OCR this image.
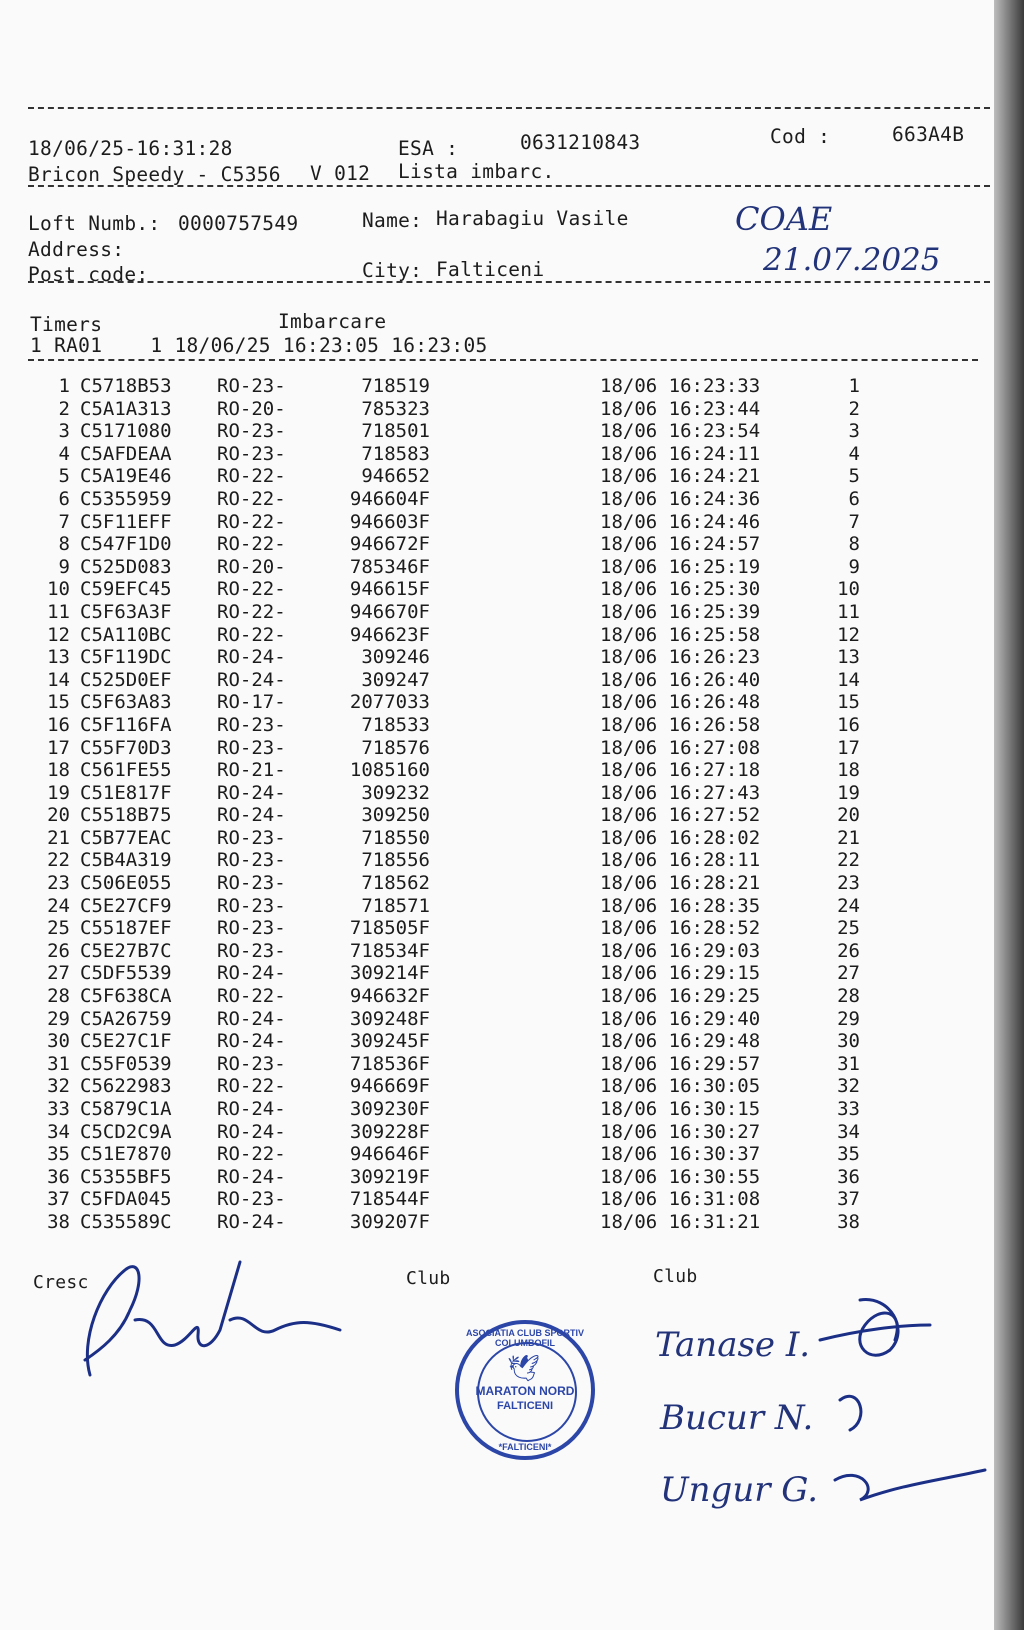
18/06/25-16:31:28	ESA :	0631210843	Cod :	663A4B
Bricon Speedy - C5356 V 012 Lista imbarc.
Loft Numb.: 0000757549	Name: Harabagiu Vasile
Address:
Post code:	City: Falticeni
COAE
21.07.2025
Timers	Imbarcare
1 RA01    1 18/06/25 16:23:05 16:23:05
1 C5718B53 RO-23-	718519	18/06 16:23:33	1
2 C5A1A313 RO-20-	785323	18/06 16:23:44	2
3 C5171080 RO-23-	718501	18/06 16:23:54	3
4 C5AFDEAA RO-23-	718583	18/06 16:24:11	4
5 C5A19E46 RO-22-	946652	18/06 16:24:21	5
6 C5355959 RO-22-	946604F	18/06 16:24:36	6
7 C5F11EFF RO-22-	946603F	18/06 16:24:46	7
8 C547F1D0 RO-22-	946672F	18/06 16:24:57	8
9 C525D083 RO-20-	785346F	18/06 16:25:19	9
10 C59EFC45 RO-22-	946615F	18/06 16:25:30	10
11 C5F63A3F RO-22-	946670F	18/06 16:25:39	11
12 C5A110BC RO-22-	946623F	18/06 16:25:58	12
13 C5F119DC RO-24-	309246	18/06 16:26:23	13
14 C525D0EF RO-24-	309247	18/06 16:26:40	14
15 C5F63A83 RO-17-	2077033	18/06 16:26:48	15
16 C5F116FA RO-23-	718533	18/06 16:26:58	16
17 C55F70D3 RO-23-	718576	18/06 16:27:08	17
18 C561FE55 RO-21-	1085160	18/06 16:27:18	18
19 C51E817F RO-24-	309232	18/06 16:27:43	19
20 C5518B75 RO-24-	309250	18/06 16:27:52	20
21 C5B77EAC RO-23-	718550	18/06 16:28:02	21
22 C5B4A319 RO-23-	718556	18/06 16:28:11	22
23 C506E055 RO-23-	718562	18/06 16:28:21	23
24 C5E27CF9 RO-23-	718571	18/06 16:28:35	24
25 C55187EF RO-23-	718505F	18/06 16:28:52	25
26 C5E27B7C RO-23-	718534F	18/06 16:29:03	26
27 C5DF5539 RO-24-	309214F	18/06 16:29:15	27
28 C5F638CA RO-22-	946632F	18/06 16:29:25	28
29 C5A26759 RO-24-	309248F	18/06 16:29:40	29
30 C5E27C1F RO-24-	309245F	18/06 16:29:48	30
31 C55F0539 RO-23-	718536F	18/06 16:29:57	31
32 C5622983 RO-22-	946669F	18/06 16:30:05	32
33 C5879C1A RO-24-	309230F	18/06 16:30:15	33
34 C5CD2C9A RO-24-	309228F	18/06 16:30:27	34
35 C51E7870 RO-22-	946646F	18/06 16:30:37	35
36 C5355BF5 RO-24-	309219F	18/06 16:30:55	36
37 C5FDA045 RO-23-	718544F	18/06 16:31:08	37
38 C535589C RO-24-	309207F	18/06 16:31:21	38
Cresc	Club	Club
ASOCIATIA CLUB SPORTIV COLUMBOFIL
🕊
MARATON NORD
FALTICENI
*FALTICENI*
Tanase I.
Bucur N.
Ungur G.
